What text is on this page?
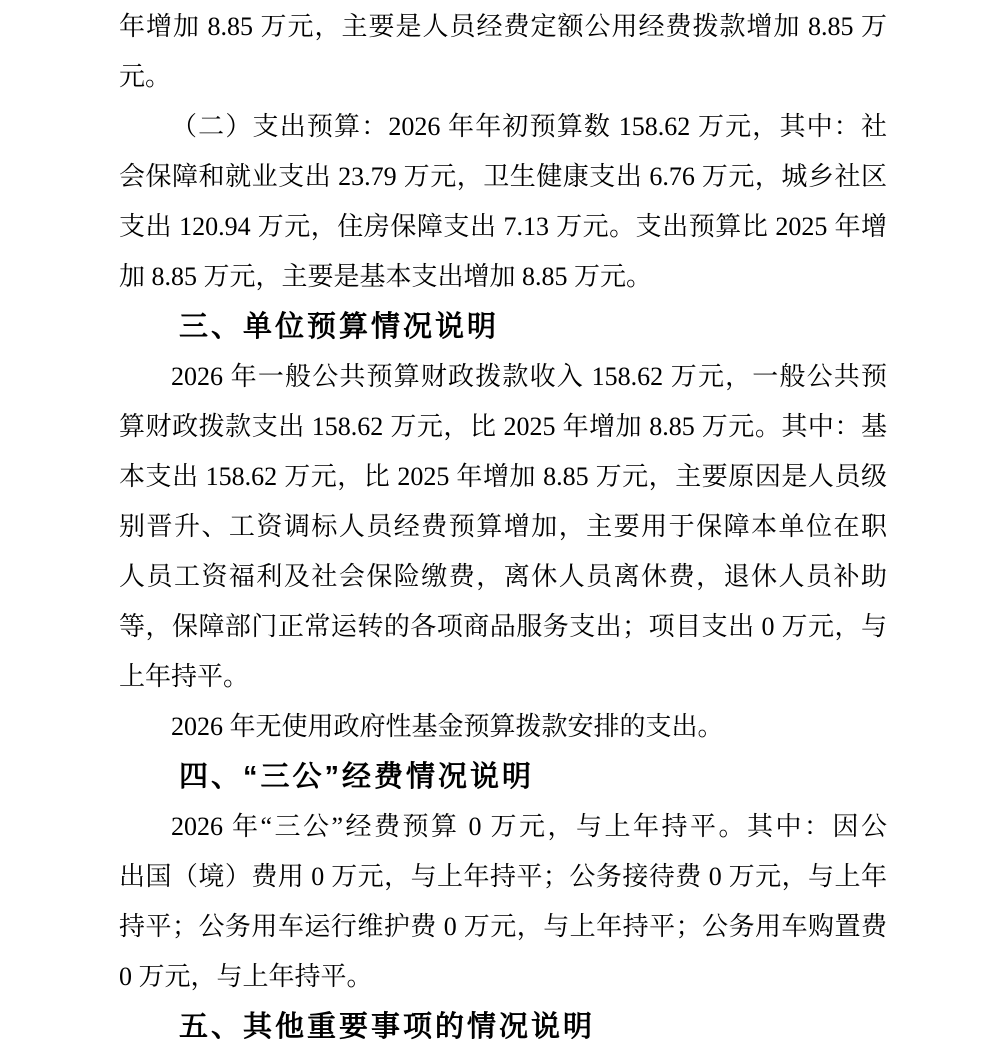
年增加 8.85 万元，主要是人员经费定额公用经费拨款增加 8.85 万
元。
（二）支出预算：2026 年年初预算数 158.62 万元，其中：社
会保障和就业支出 23.79 万元，卫生健康支出 6.76 万元，城乡社区
支出 120.94 万元，住房保障支出 7.13 万元。支出预算比 2025 年增
加 8.85 万元，主要是基本支出增加 8.85 万元。
三、单位预算情况说明
2026 年一般公共预算财政拨款收入 158.62 万元，一般公共预
算财政拨款支出 158.62 万元，比 2025 年增加 8.85 万元。其中：基
本支出 158.62 万元，比 2025 年增加 8.85 万元，主要原因是人员级
别晋升、工资调标人员经费预算增加，主要用于保障本单位在职
人员工资福利及社会保险缴费，离休人员离休费，退休人员补助
等，保障部门正常运转的各项商品服务支出；项目支出 0 万元，与
上年持平。
2026 年无使用政府性基金预算拨款安排的支出。
四、“三公”经费情况说明
2026 年“三公”经费预算 0 万元，与上年持平。其中：因公
出国（境）费用 0 万元，与上年持平；公务接待费 0 万元，与上年
持平；公务用车运行维护费 0 万元，与上年持平；公务用车购置费
0 万元，与上年持平。
五、其他重要事项的情况说明
